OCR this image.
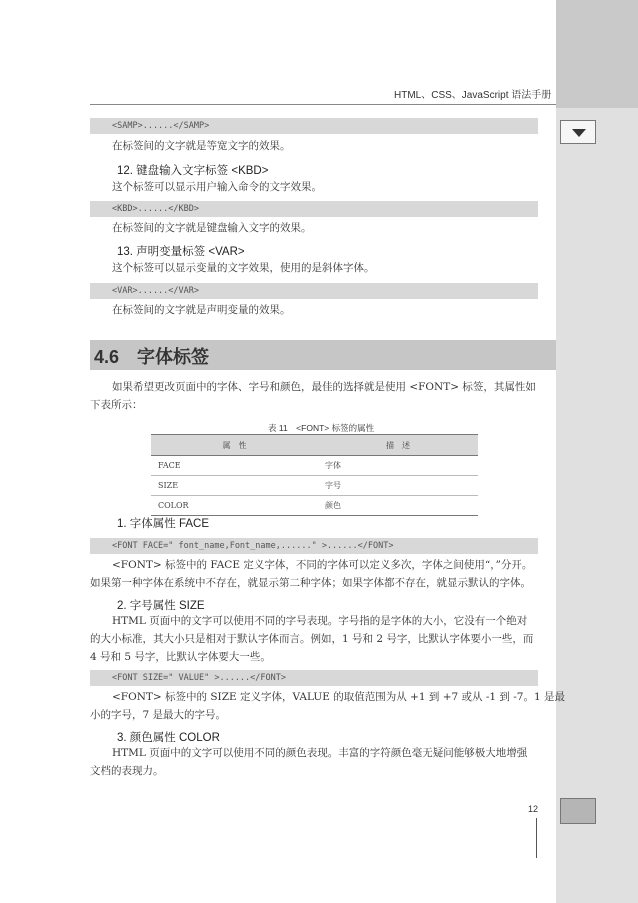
HTML、CSS、JavaScript 语法手册
<SAMP>......</SAMP>
在标签间的文字就是等宽文字的效果。
12. 键盘输入文字标签 <KBD>
这个标签可以显示用户输入命令的文字效果。
<KBD>......</KBD>
在标签间的文字就是键盘输入文字的效果。
13. 声明变量标签 <VAR>
这个标签可以显示变量的文字效果，使用的是斜体字体。
<VAR>......</VAR>
在标签间的文字就是声明变量的效果。
4.6　字体标签
如果希望更改页面中的字体、字号和颜色，最佳的选择就是使用 <FONT> 标签，其属性如
下表所示：
表 11　<FONT> 标签的属性
属　性	描　述
FACE	字体
SIZE	字号
COLOR	颜色
1. 字体属性 FACE
<FONT FACE=" font_name,Font_name,......" >......</FONT>
<FONT> 标签中的 FACE 定义字体，不同的字体可以定义多次，字体之间使用“，”分开。
如果第一种字体在系统中不存在，就显示第二种字体；如果字体都不存在，就显示默认的字体。
2. 字号属性 SIZE
HTML 页面中的文字可以使用不同的字号表现。字号指的是字体的大小，它没有一个绝对
的大小标准，其大小只是相对于默认字体而言。例如，1 号和 2 号字，比默认字体要小一些，而
4 号和 5 号字，比默认字体要大一些。
<FONT SIZE=" VALUE" >......</FONT>
<FONT> 标签中的 SIZE 定义字体，VALUE 的取值范围为从 +1 到 +7 或从 -1 到 -7。1 是最
小的字号，7 是最大的字号。
3. 颜色属性 COLOR
HTML 页面中的文字可以使用不同的颜色表现。丰富的字符颜色毫无疑问能够极大地增强
文档的表现力。
12
